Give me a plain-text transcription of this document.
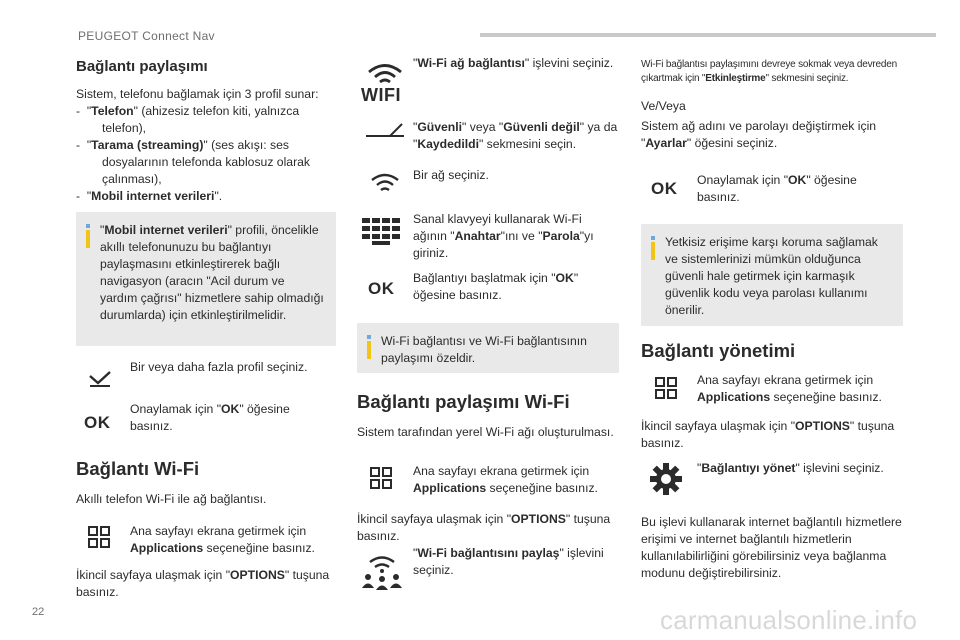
PEUGEOT Connect Nav
Bağlantı paylaşımı
Sistem, telefonu bağlamak için 3 profil sunar:
- "Telefon" (ahizesiz telefon kiti, yalnızca telefon),
- "Tarama (streaming)" (ses akışı: ses dosyalarının telefonda kablosuz olarak çalınması),
- "Mobil internet verileri".
"Mobil internet verileri" profili, öncelikle akıllı telefonunuzu bu bağlantıyı paylaşmasını etkinleştirerek bağlı navigasyon (aracın "Acil durum ve yardım çağrısı" hizmetlere sahip olmadığı durumlarda) için etkinleştirilmelidir.
Bir veya daha fazla profil seçiniz.
OK
Onaylamak için "OK" öğesine basınız.
Bağlantı Wi-Fi
Akıllı telefon Wi-Fi ile ağ bağlantısı.
Ana sayfayı ekrana getirmek için Applications seçeneğine basınız.
İkincil sayfaya ulaşmak için "OPTIONS" tuşuna basınız.
WIFI
"Wi-Fi ağ bağlantısı" işlevini seçiniz.
"Güvenli" veya "Güvenli değil" ya da "Kaydedildi" sekmesini seçin.
Bir ağ seçiniz.
Sanal klavyeyi kullanarak Wi-Fi ağının "Anahtar"ını ve "Parola"yı giriniz.
OK
Bağlantıyı başlatmak için "OK" öğesine basınız.
Wi-Fi bağlantısı ve Wi-Fi bağlantısının paylaşımı özeldir.
Bağlantı paylaşımı Wi-Fi
Sistem tarafından yerel Wi-Fi ağı oluşturulması.
Ana sayfayı ekrana getirmek için Applications seçeneğine basınız.
İkincil sayfaya ulaşmak için "OPTIONS" tuşuna basınız.
"Wi-Fi bağlantısını paylaş" işlevini seçiniz.
Wi-Fi bağlantısı paylaşımını devreye sokmak veya devreden çıkartmak için "Etkinleştirme" sekmesini seçiniz.
Ve/Veya
Sistem ağ adını ve parolayı değiştirmek için "Ayarlar" öğesini seçiniz.
OK Onaylamak için "OK" öğesine basınız.
Yetkisiz erişime karşı koruma sağlamak ve sistemlerinizi mümkün olduğunca güvenli hale getirmek için karmaşık güvenlik kodu veya parolası kullanımı önerilir.
Bağlantı yönetimi
Ana sayfayı ekrana getirmek için Applications seçeneğine basınız.
İkincil sayfaya ulaşmak için "OPTIONS" tuşuna basınız.
"Bağlantıyı yönet" işlevini seçiniz.
Bu işlevi kullanarak internet bağlantılı hizmetlere erişimi ve internet bağlantılı hizmetlerin kullanılabilirliğini görebilirsiniz veya bağlanma modunu değiştirebilirsiniz.
22	carmanualsonline.info
